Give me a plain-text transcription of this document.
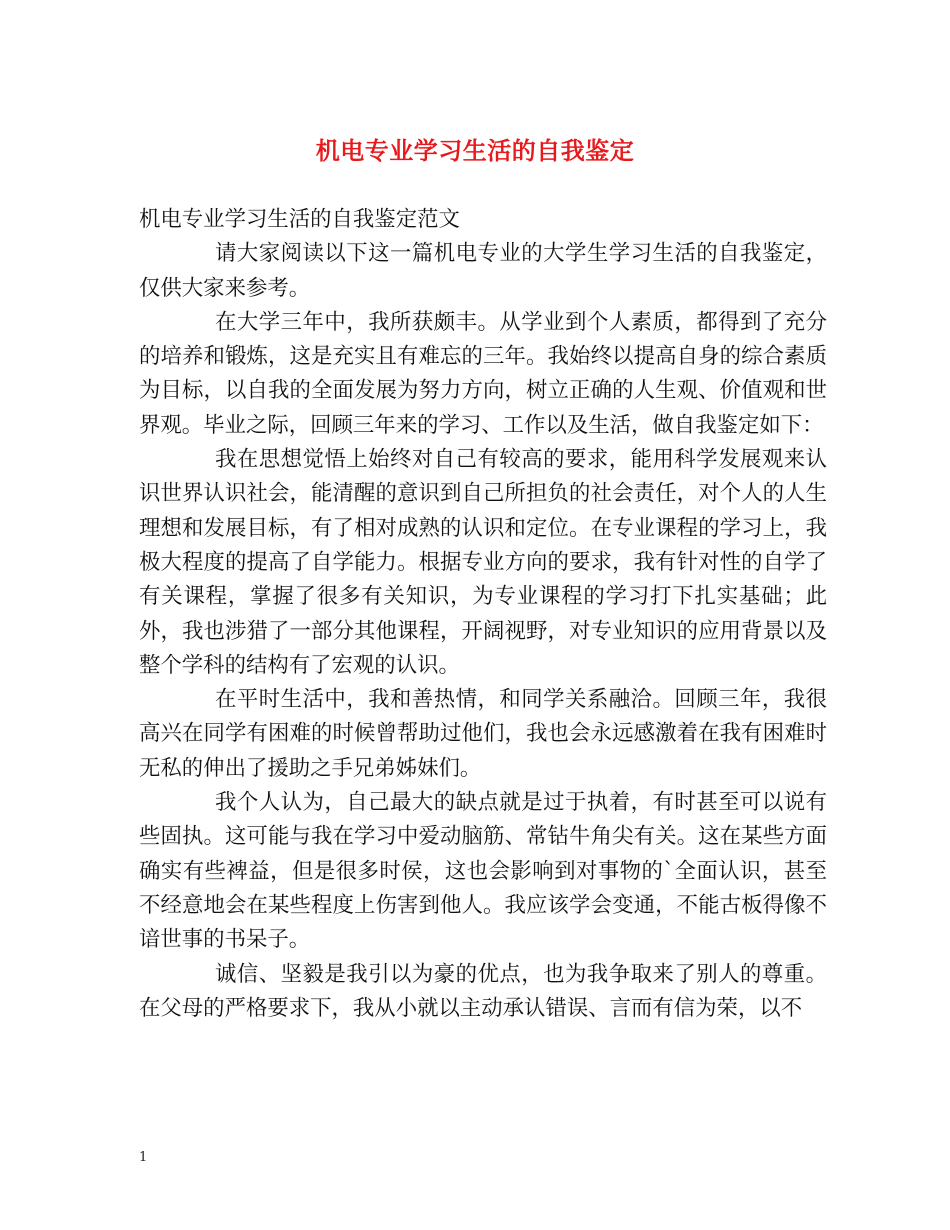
机电专业学习生活的自我鉴定
机电专业学习生活的自我鉴定范文

请大家阅读以下这一篇机电专业的大学生学习生活的自我鉴定，仅供大家来参考。

在大学三年中，我所获颇丰。从学业到个人素质，都得到了充分的培养和锻炼，这是充实且有难忘的三年。我始终以提高自身的综合素质为目标，以自我的全面发展为努力方向，树立正确的人生观、价值观和世界观。毕业之际，回顾三年来的学习、工作以及生活，做自我鉴定如下：

我在思想觉悟上始终对自己有较高的要求，能用科学发展观来认识世界认识社会，能清醒的意识到自己所担负的社会责任，对个人的人生理想和发展目标，有了相对成熟的认识和定位。在专业课程的学习上，我极大程度的提高了自学能力。根据专业方向的要求，我有针对性的自学了有关课程，掌握了很多有关知识，为专业课程的学习打下扎实基础；此外，我也涉猎了一部分其他课程，开阔视野，对专业知识的应用背景以及整个学科的结构有了宏观的认识。

在平时生活中，我和善热情，和同学关系融洽。回顾三年，我很高兴在同学有困难的时候曾帮助过他们，我也会永远感激着在我有困难时无私的伸出了援助之手兄弟姊妹们。

我个人认为，自己最大的缺点就是过于执着，有时甚至可以说有些固执。这可能与我在学习中爱动脑筋、常钻牛角尖有关。这在某些方面确实有些裨益，但是很多时侯，这也会影响到对事物的`全面认识，甚至不经意地会在某些程度上伤害到他人。我应该学会变通，不能古板得像不谙世事的书呆子。

诚信、坚毅是我引以为豪的优点，也为我争取来了别人的尊重。在父母的严格要求下，我从小就以主动承认错误、言而有信为荣，以不

1
